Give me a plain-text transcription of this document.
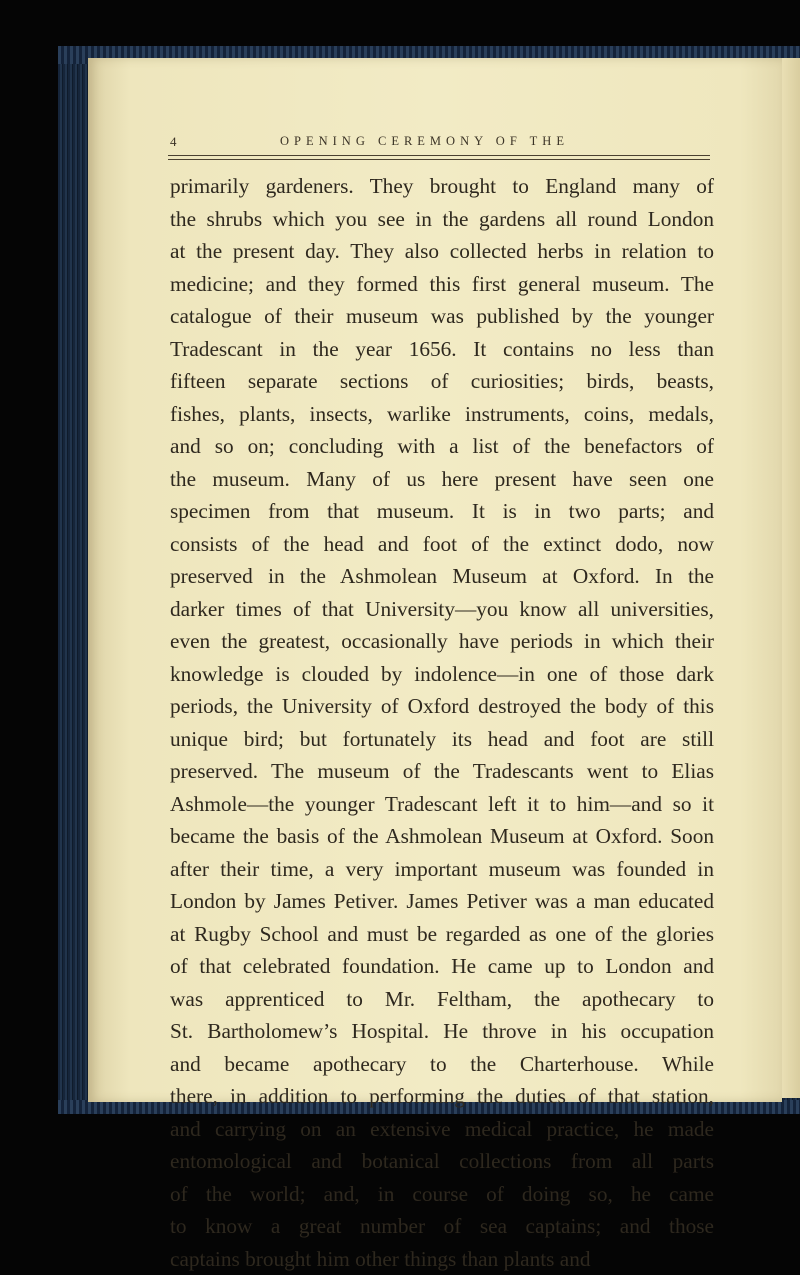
4	OPENING CEREMONY OF THE
primarily gardeners. They brought to England many of
the shrubs which you see in the gardens all round London
at the present day. They also collected herbs in relation to
medicine; and they formed this first general museum. The
catalogue of their museum was published by the younger
Tradescant in the year 1656. It contains no less than
fifteen separate sections of curiosities; birds, beasts,
fishes, plants, insects, warlike instruments, coins, medals,
and so on; concluding with a list of the benefactors of
the museum. Many of us here present have seen one
specimen from that museum. It is in two parts; and
consists of the head and foot of the extinct dodo, now
preserved in the Ashmolean Museum at Oxford. In the
darker times of that University—you know all universities,
even the greatest, occasionally have periods in which their
knowledge is clouded by indolence—in one of those dark
periods, the University of Oxford destroyed the body of this
unique bird; but fortunately its head and foot are still
preserved. The museum of the Tradescants went to Elias
Ashmole—the younger Tradescant left it to him—and so it
became the basis of the Ashmolean Museum at Oxford. Soon
after their time, a very important museum was founded in
London by James Petiver. James Petiver was a man educated
at Rugby School and must be regarded as one of the glories
of that celebrated foundation. He came up to London and
was apprenticed to Mr. Feltham, the apothecary to
St. Bartholomew’s Hospital. He throve in his occupation
and became apothecary to the Charterhouse. While
there, in addition to performing the duties of that station,
and carrying on an extensive medical practice, he made
entomological and botanical collections from all parts
of the world; and, in course of doing so, he came
to know a great number of sea captains; and those
captains brought him other things than plants and
